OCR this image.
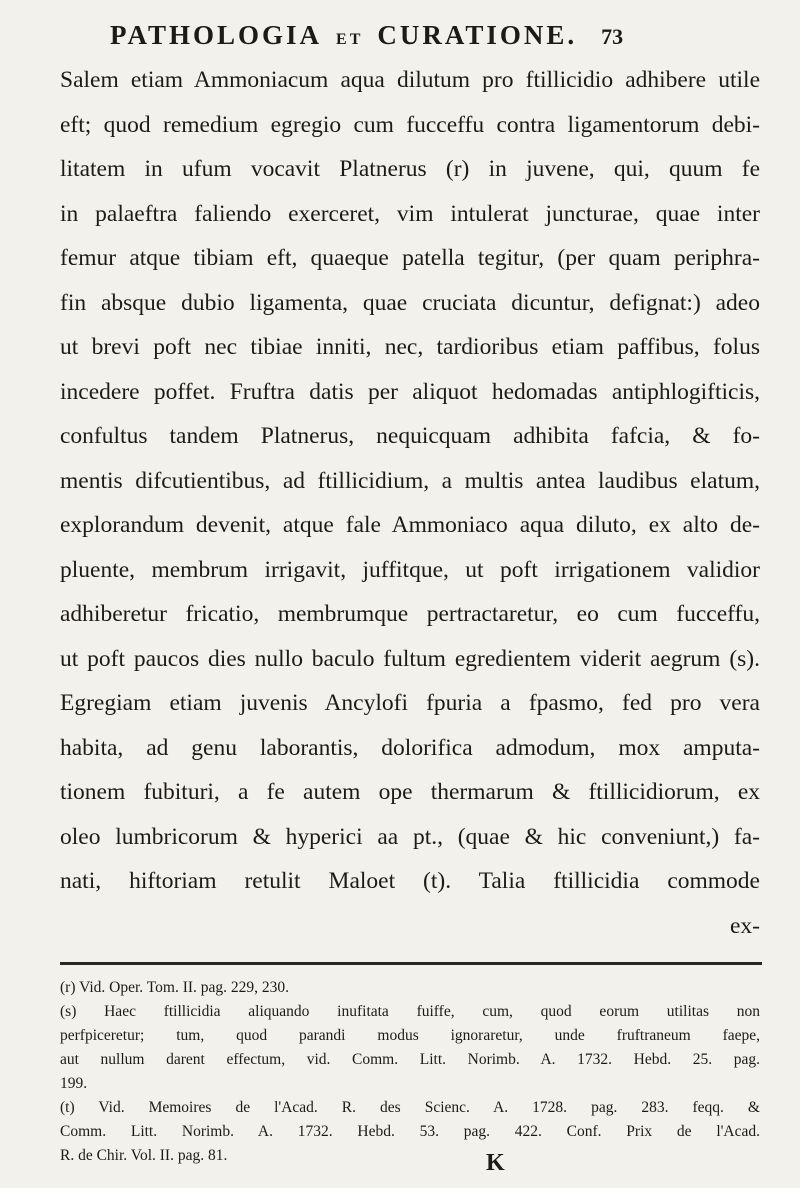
PATHOLOGIA ET CURATIONE. 73
Salem etiam Ammoniacum aqua dilutum pro ftillicidio adhibere utile
eft; quod remedium egregio cum fucceffu contra ligamentorum debi-
litatem in ufum vocavit Platnerus (r) in juvene, qui, quum fe
in palaeftra faliendo exerceret, vim intulerat juncturae, quae inter
femur atque tibiam eft, quaeque patella tegitur, (per quam periphra-
fin absque dubio ligamenta, quae cruciata dicuntur, defignat:) adeo
ut brevi poft nec tibiae inniti, nec, tardioribus etiam paffibus, folus
incedere poffet. Fruftra datis per aliquot hedomadas antiphlogifticis,
confultus tandem Platnerus, nequicquam adhibita fafcia, & fo-
mentis difcutientibus, ad ftillicidium, a multis antea laudibus elatum,
explorandum devenit, atque fale Ammoniaco aqua diluto, ex alto de-
pluente, membrum irrigavit, juffitque, ut poft irrigationem validior
adhiberetur fricatio, membrumque pertractaretur, eo cum fucceffu,
ut poft paucos dies nullo baculo fultum egredientem viderit aegrum (s).
Egregiam etiam juvenis Ancylofi fpuria a fpasmo, fed pro vera
habita, ad genu laborantis, dolorifica admodum, mox amputa-
tionem fubituri, a fe autem ope thermarum & ftillicidiorum, ex
oleo lumbricorum & hyperici aa pt., (quae & hic conveniunt,) fa-
nati, hiftoriam retulit Maloet (t). Talia ftillicidia commode
ex-
(r) Vid. Oper. Tom. II. pag. 229, 230.
(s) Haec ftillicidia aliquando inufitata fuiffe, cum, quod eorum utilitas non
perfpiceretur; tum, quod parandi modus ignoraretur, unde fruftraneum faepe,
aut nullum darent effectum, vid. Comm. Litt. Norimb. A. 1732. Hebd. 25. pag.
199.
(t) Vid. Memoires de l'Acad. R. des Scienc. A. 1728. pag. 283. feqq. &
Comm. Litt. Norimb. A. 1732. Hebd. 53. pag. 422. Conf. Prix de l'Acad.
R. de Chir. Vol. II. pag. 81.	K
